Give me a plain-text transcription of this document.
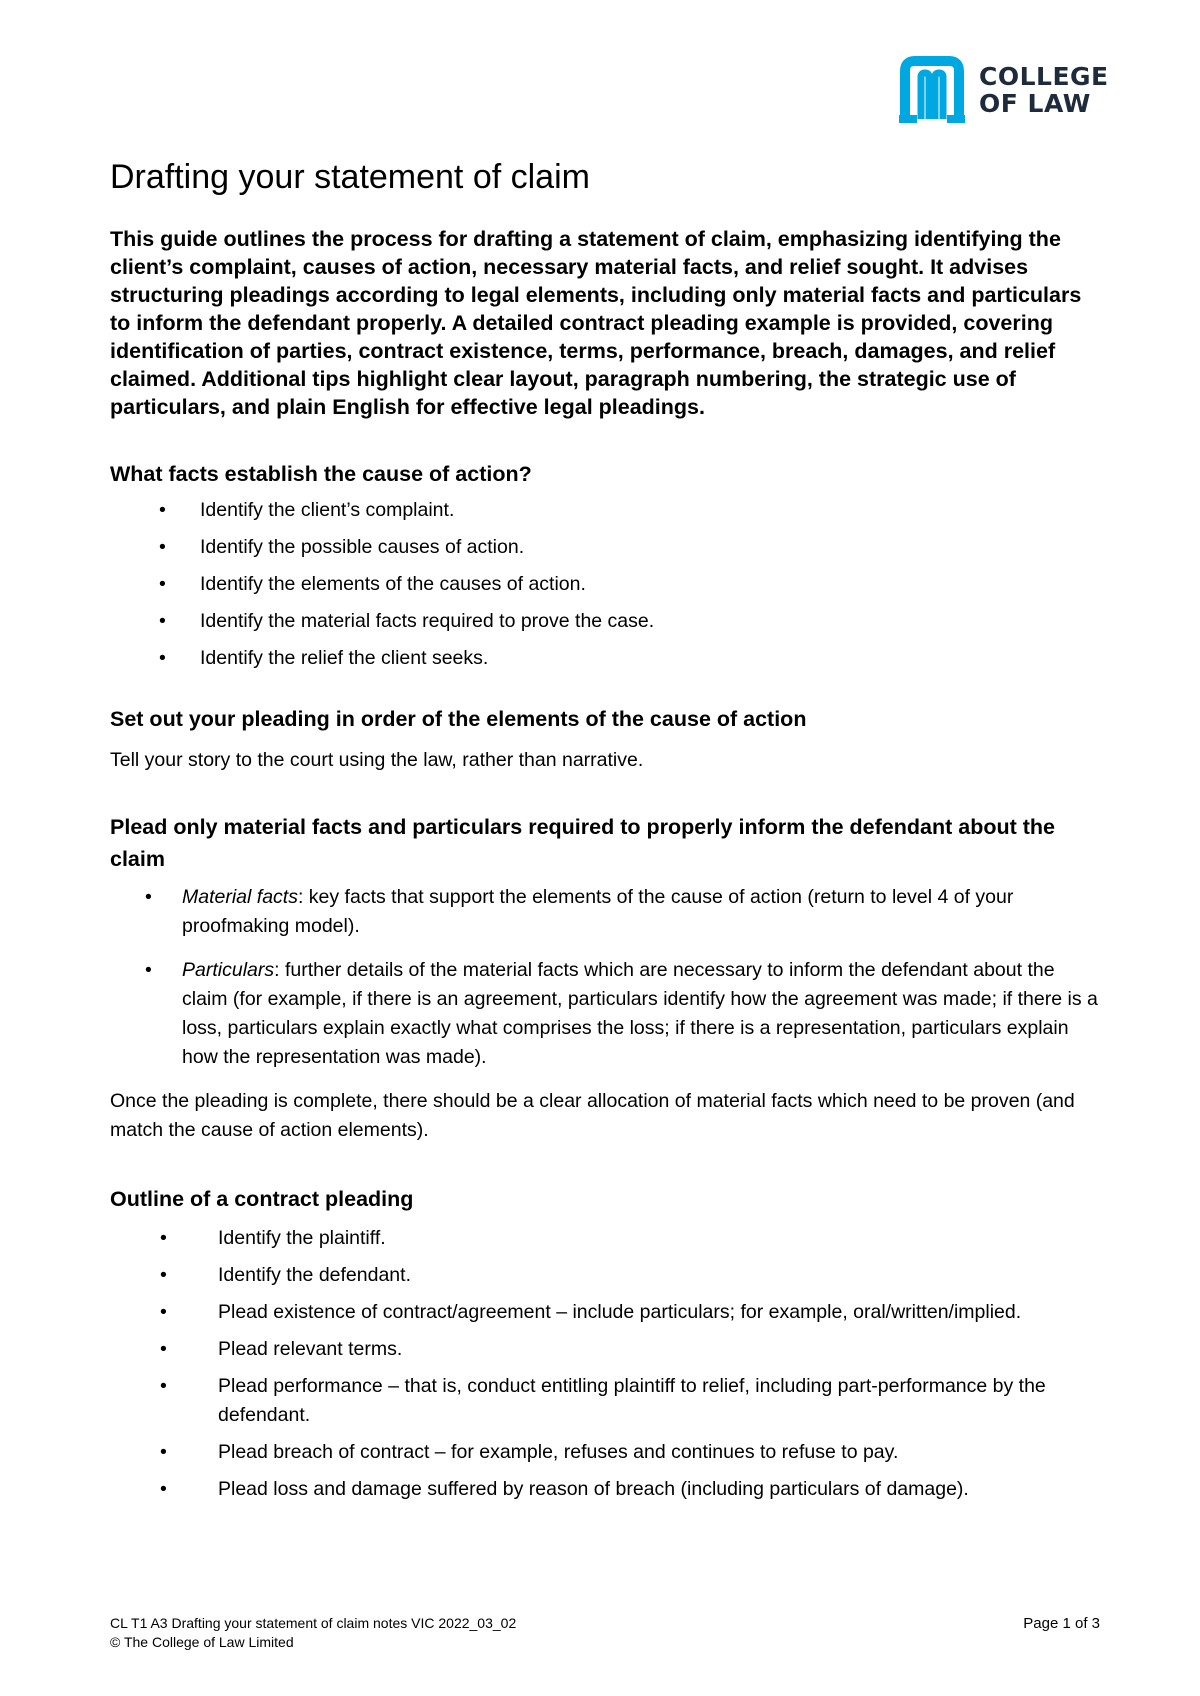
COLLEGE
OF LAW
Drafting your statement of claim

This guide outlines the process for drafting a statement of claim, emphasizing identifying the client’s complaint, causes of action, necessary material facts, and relief sought. It advises structuring pleadings according to legal elements, including only material facts and particulars to inform the defendant properly. A detailed contract pleading example is provided, covering identification of parties, contract existence, terms, performance, breach, damages, and relief claimed. Additional tips highlight clear layout, paragraph numbering, the strategic use of particulars, and plain English for effective legal pleadings.

What facts establish the cause of action?
• Identify the client’s complaint.
• Identify the possible causes of action.
• Identify the elements of the causes of action.
• Identify the material facts required to prove the case.
• Identify the relief the client seeks.
Set out your pleading in order of the elements of the cause of action

Tell your story to the court using the law, rather than narrative.

Plead only material facts and particulars required to properly inform the defendant about the claim
• Material facts: key facts that support the elements of the cause of action (return to level 4 of your proofmaking model).
• Particulars: further details of the material facts which are necessary to inform the defendant about the claim (for example, if there is an agreement, particulars identify how the agreement was made; if there is a loss, particulars explain exactly what comprises the loss; if there is a representation, particulars explain how the representation was made).

Once the pleading is complete, there should be a clear allocation of material facts which need to be proven (and match the cause of action elements).

Outline of a contract pleading
•	Identify the plaintiff.
•	Identify the defendant.
•	Plead existence of contract/agreement – include particulars; for example, oral/written/implied.
•	Plead relevant terms.
•	Plead performance – that is, conduct entitling plaintiff to relief, including part-performance by the defendant.
•	Plead breach of contract – for example, refuses and continues to refuse to pay.
•	Plead loss and damage suffered by reason of breach (including particulars of damage).
CL T1 A3 Drafting your statement of claim notes VIC 2022_03_02
© The College of Law Limited
Page 1 of 3
